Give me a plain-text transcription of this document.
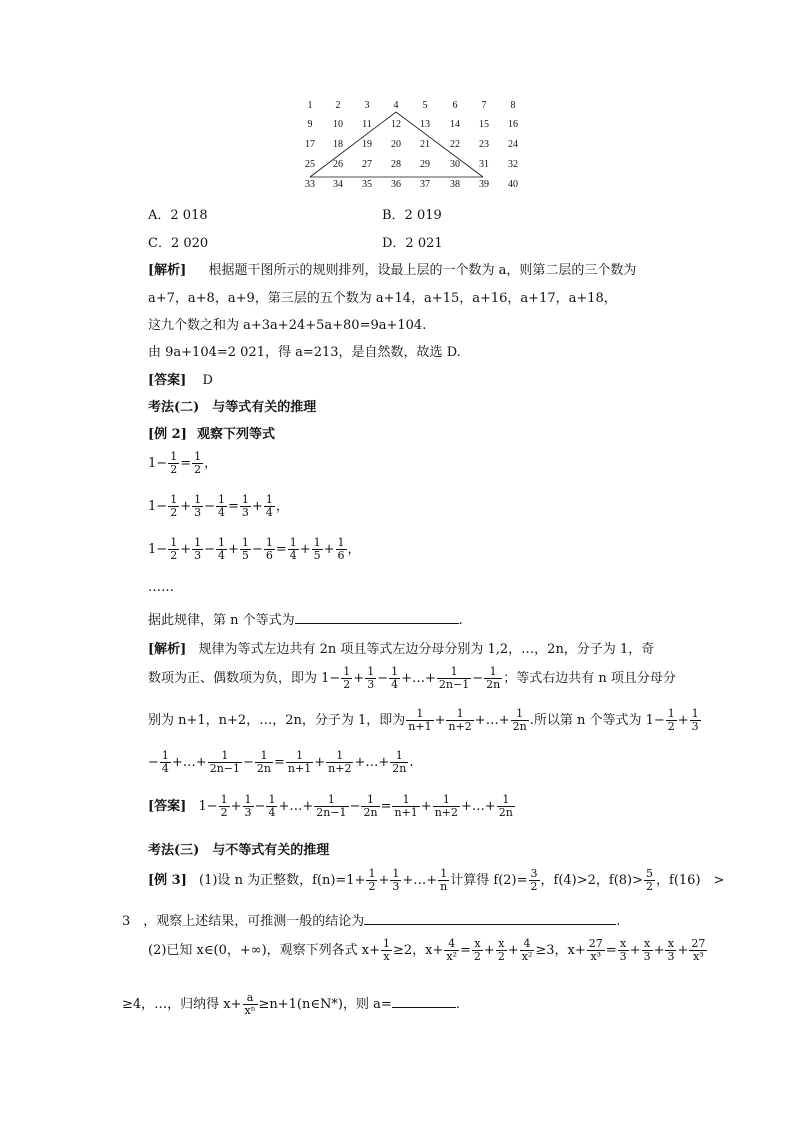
1	2	3	4	5	6	7	8
9	10	11	12	13	14	15	16
17	18	19	20	21	22	23	24
25	26	27	28	29	30	31	32
33	34	35	36	37	38	39	40
A．2 018	B．2 019
C．2 020	D．2 021
[解析] 根据题干图所示的规则排列，设最上层的一个数为 a，则第二层的三个数为
a+7，a+8，a+9，第三层的五个数为 a+14，a+15，a+16，a+17，a+18，
这九个数之和为 a+3a+24+5a+80=9a+104.
由 9a+104=2 021，得 a=213，是自然数，故选 D.
[答案] D
考法(二)　与等式有关的推理
[例 2] 观察下列等式
$1- \frac{1}{2} = \frac{1}{2}$ ，
$1- \frac{1}{2} + \frac{1}{3} - \frac{1}{4} = \frac{1}{3} + \frac{1}{4}$ ，
$1- \frac{1}{2} + \frac{1}{3} - \frac{1}{4} + \frac{1}{5} - \frac{1}{6} = \frac{1}{4} + \frac{1}{5} + \frac{1}{6}$ ，
……
据此规律，第 n 个等式为	.
[解析] 规律为等式左边共有 2n 项且等式左边分母分别为 1,2，…，2n，分子为 1，奇
数项为正、偶数项为负，即为 $1- \frac{1}{2} + \frac{1}{3} - \frac{1}{4}$ +…+ $\frac{1}{2n-1} - \frac{1}{2n}$ ；等式右边共有 n 项且分母分
别为 n+1，n+2，…，2n，分子为 1，即为 $\frac{1}{n+1} + \frac{1}{n+2}$ +…+ $\frac{1}{2n}$ .所以第 n 个等式为 $1- \frac{1}{2} + \frac{1}{3}$
− $\frac{1}{4}$ +…+ $\frac{1}{2n-1} - \frac{1}{2n} = \frac{1}{n+1} + \frac{1}{n+2}$ +…+ $\frac{1}{2n}$ .
[答案] $1- \frac{1}{2} + \frac{1}{3} - \frac{1}{4}$ +…+ $\frac{1}{2n-1} - \frac{1}{2n} = \frac{1}{n+1} + \frac{1}{n+2}$ +…+ $\frac{1}{2n}$
考法(三)　与不等式有关的推理
[例 3] (1)设 n 为正整数，$f(n)=1+ \frac{1}{2} + \frac{1}{3}$ +…+ $\frac{1}{n}$ 计算得 $f(2)= \frac{3}{2}$ ，f(4)>2，$f(8)> \frac{5}{2}$ ，f(16)　>
3　，观察上述结果，可推测一般的结论为	.
(2)已知 x∈(0，+∞)，观察下列各式 $x+ \frac{1}{x} \ge 2$，$x+ \frac{4}{\text{x²}} = \frac{x}{2} + \frac{x}{2} + \frac{4}{\text{x²}} \ge 3$，$x+ \frac{27}{\text{x³}} = \frac{x}{3} + \frac{x}{3} + \frac{x}{3} + \frac{27}{\text{x³}}$
≥4，…，归纳得 $x+ \frac{a}{\text{xⁿ}}$ ≥n+1(n∈N*)，则 a=	.
